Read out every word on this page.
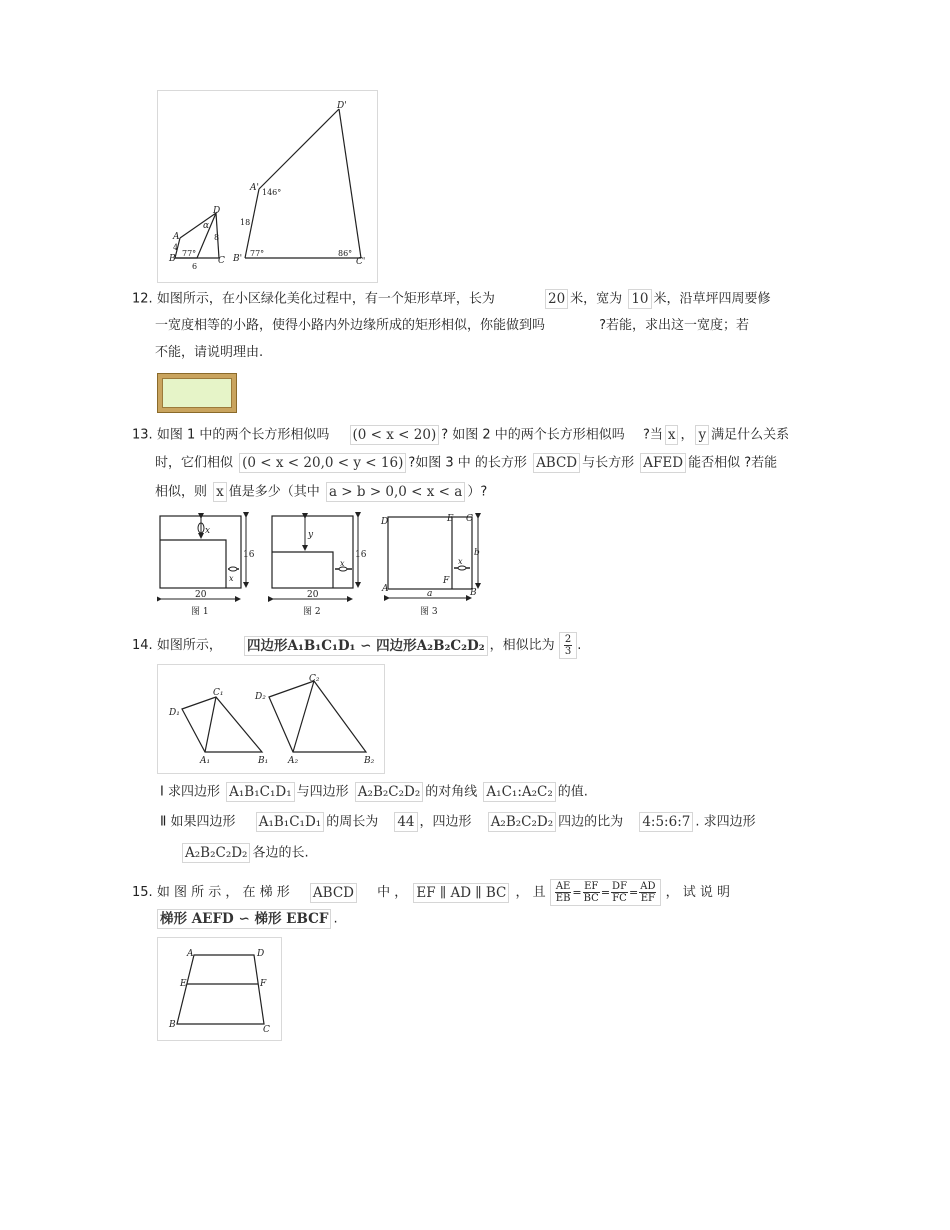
D
A
B	C
α
4
8
6
77°
D'
A'
B'	C'
18
146°
77°	86°
12. 如图所示，在小区绿化美化过程中，有一个矩形草坪，长为	20 米，宽为 10 米，沿草坪四周要修
一宽度相等的小路，使得小路内外边缘所成的矩形相似，你能做到吗	?若能，求出这一宽度；若
不能，请说明理由.
13. 如图 1 中的两个长方形相似吗 (0 < x < 20) ? 如图 2 中的两个长方形相似吗 ?当 x ， y 满足什么关系
时，它们相似 (0 < x < 20,0 < y < 16) ?如图 3 中 的长方形 ABCD 与长方形 AFED 能否相似 ?若能
相似，则 x 值是多少（其中 a > b > 0,0 < x < a ）?
x
16
20
x
图 1
y
16
20
x
图 2
D	E C
F
A	B
x
b
a
图 3
14. 如图所示， 四边形A₁B₁C₁D₁ ∽ 四边形A₂B₂C₂D₂ ，相似比为 $\frac{2}{3}$ .
D₁
C₁
A₁	B₁
D₂
C₂
A₂	B₂
Ⅰ 求四边形 A₁B₁C₁D₁ 与四边形 A₂B₂C₂D₂ 的对角线 A₁C₁:A₂C₂ 的值.
Ⅱ 如果四边形 A₁B₁C₁D₁ 的周长为 44 ，四边形 A₂B₂C₂D₂ 四边的比为 4:5:6:7 . 求四边形
A₂B₂C₂D₂ 各边的长.
15. 如 图 所 示 ， 在 梯 形 ABCD 中 ， EF ∥ AD ∥ BC ， 且 $\frac{AE}{EB} = \frac{EF}{BC} = \frac{DF}{FC} = \frac{AD}{EF}$ ， 试 说 明
梯形 AEFD ∽ 梯形 EBCF .
A	D
E	F
B	C
